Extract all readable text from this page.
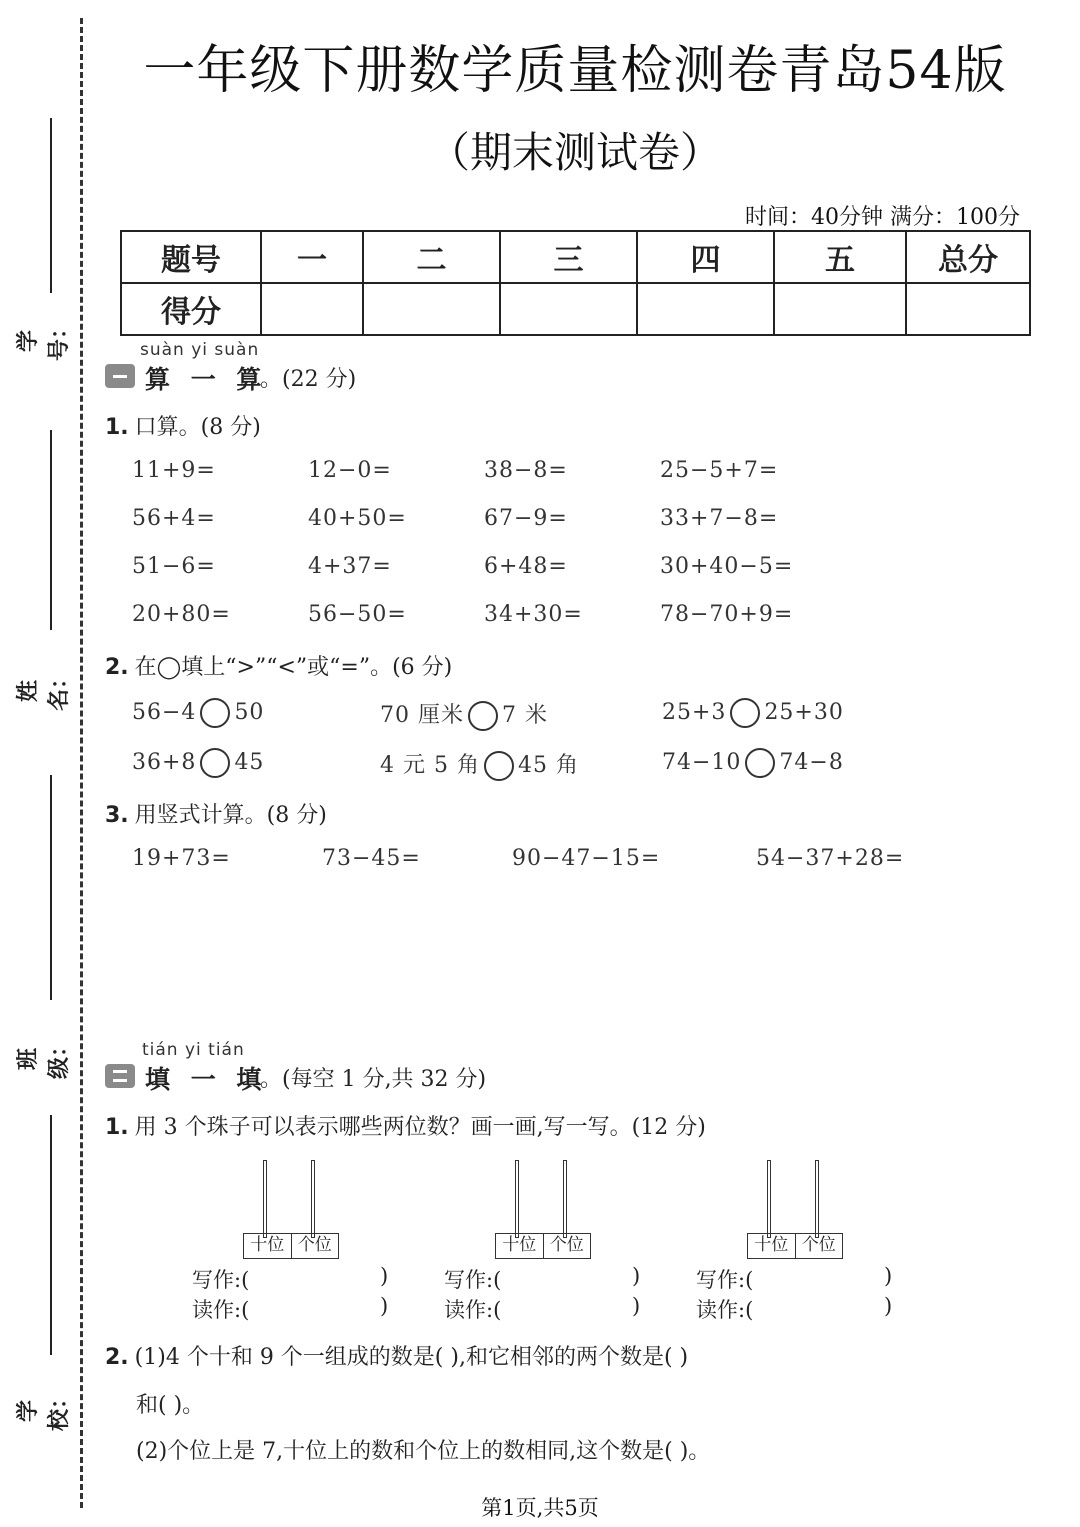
学号：
姓名：
班级：
学校：
一年级下册数学质量检测卷青岛54版
（期末测试卷）
时间：40分钟 满分：100分
题号	一	二	三	四	五	总分
得分						
suàn yi suàn
算 一 算
。(22 分)
1. 口算。(8 分)
11+9=	12−0=	38−8=	25−5+7=
56+4=	40+50=	67−9=	33+7−8=
51−6=	4+37=	6+48=	30+40−5=
20+80=	56−50=	34+30=	78−70+9=
2. 在◯填上“>”“<”或“=”。(6 分)
56−4 50	70 厘米 7 米	25+3 25+30
36+8 45	4 元 5 角 45 角	74−10 74−8
3. 用竖式计算。(8 分)
19+73=	73−45=	90−47−15=	54−37+28=
tián yi tián
填 一 填
。(每空 1 分,共 32 分)
1. 用 3 个珠子可以表示哪些两位数？画一画,写一写。(12 分)
十位 个位	十位 个位	十位 个位
写作:(	)	写作:(	)	写作:(	)
读作:(	)	读作:(	)	读作:(	)
2. (1)4 个十和 9 个一组成的数是( ),和它相邻的两个数是( )
和( )。
(2)个位上是 7,十位上的数和个位上的数相同,这个数是( )。
第1页,共5页
